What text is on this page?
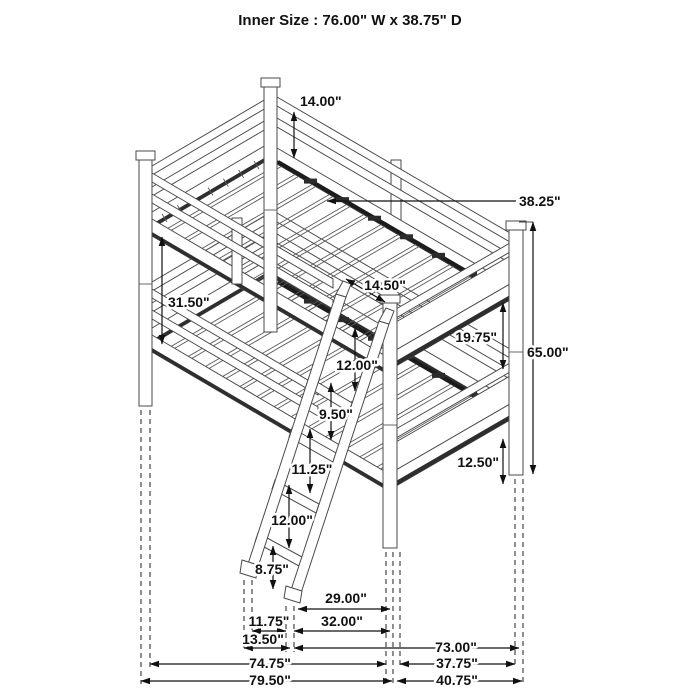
14.00"
38.25"
31.50"
14.50"
12.00"
9.50"
11.25"
12.00"
8.75"
19.75"
65.00"
12.50"
29.00"
11.75" 32.00"
13.50"	73.00"
74.75"	37.75"
79.50"	40.75"
Inner Size : 76.00" W x 38.75" D
